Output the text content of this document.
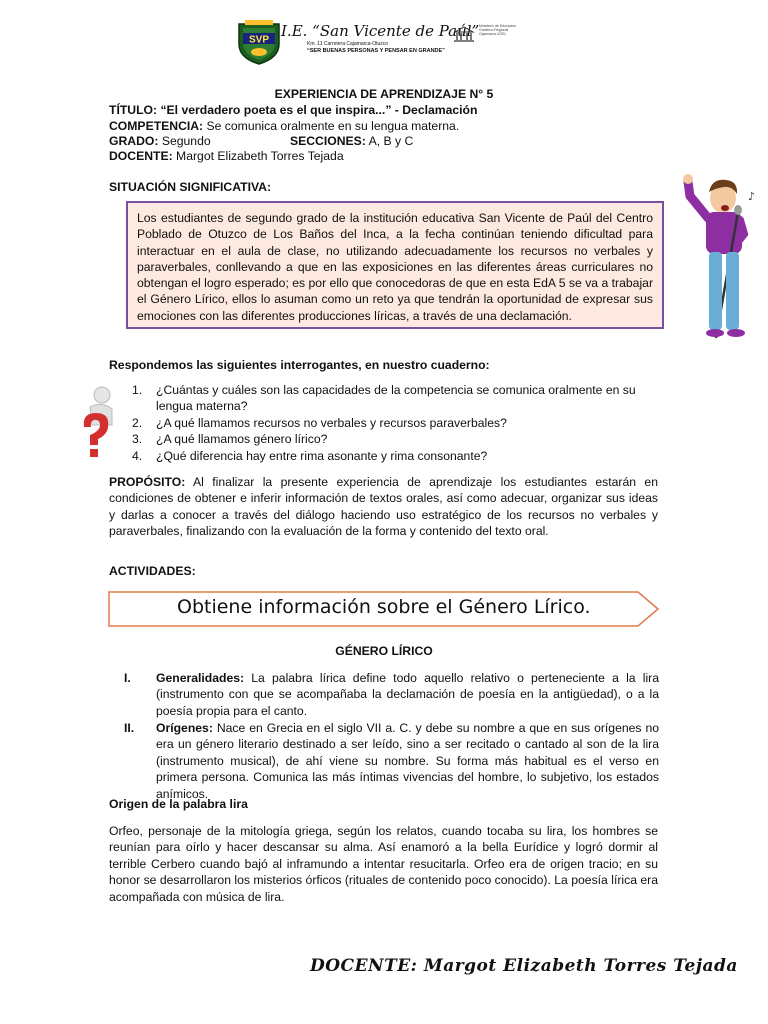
SVP I.E. “San Vicente de Paúl”
Km. 11 Carretera Cajamarca-Otuzco
“SER BUENAS PERSONAS Y PENSAR EN GRANDE”
Ministerio de Educación Gobierno Regional Cajamarca UGEL
EXPERIENCIA DE APRENDIZAJE N° 5
TÍTULO: “El verdadero poeta es el que inspira...” - Declamación
COMPETENCIA: Se comunica oralmente en su lengua materna.
GRADO: Segundo	SECCIONES: A, B y C
DOCENTE: Margot Elizabeth Torres Tejada
SITUACIÓN SIGNIFICATIVA:

Los estudiantes de segundo grado de la institución educativa San Vicente de Paúl del Centro Poblado de Otuzco de Los Baños del Inca, a la fecha continúan teniendo dificultad para interactuar en el aula de clase, no utilizando adecuadamente los recursos no verbales y paraverbales, conllevando a que en las exposiciones en las diferentes áreas curriculares no obtengan el logro esperado; es por ello que conocedoras de que en esta EdA 5 se va a trabajar el Género Lírico, ellos lo asuman como un reto ya que tendrán la oportunidad de expresar sus emociones con las diferentes producciones líricas, a través de una declamación.

♪
Respondemos las siguientes interrogantes, en nuestro cuaderno:
1. ¿Cuántas y cuáles son las capacidades de la competencia se comunica oralmente en su lengua materna?
2. ¿A qué llamamos recursos no verbales y recursos paraverbales?
3. ¿A qué llamamos género lírico?
4. ¿Qué diferencia hay entre rima asonante y rima consonante?
PROPÓSITO: Al finalizar la presente experiencia de aprendizaje los estudiantes estarán en condiciones de obtener e inferir información de textos orales, así como adecuar, organizar sus ideas y darlas a conocer a través del diálogo haciendo uso estratégico de los recursos no verbales y paraverbales, finalizando con la evaluación de la forma y contenido del texto oral.
ACTIVIDADES:
Obtiene información sobre el Género Lírico.
GÉNERO LÍRICO
I. Generalidades: La palabra lírica define todo aquello relativo o perteneciente a la lira (instrumento con que se acompañaba la declamación de poesía en la antigüedad), o a la poesía propia para el canto.
II. Orígenes: Nace en Grecia en el siglo VII a. C. y debe su nombre a que en sus orígenes no era un género literario destinado a ser leído, sino a ser recitado o cantado al son de la lira (instrumento musical), de ahí viene su nombre. Su forma más habitual es el verso en primera persona. Comunica las más íntimas vivencias del hombre, lo subjetivo, los estados anímicos.
Origen de la palabra lira
Orfeo, personaje de la mitología griega, según los relatos, cuando tocaba su lira, los hombres se reunían para oírlo y hacer descansar su alma. Así enamoró a la bella Eurídice y logró dormir al terrible Cerbero cuando bajó al inframundo a intentar resucitarla. Orfeo era de origen tracio; en su honor se desarrollaron los misterios órficos (rituales de contenido poco conocido). La poesía lírica era acompañada con música de lira.
DOCENTE: Margot Elizabeth Torres Tejada
